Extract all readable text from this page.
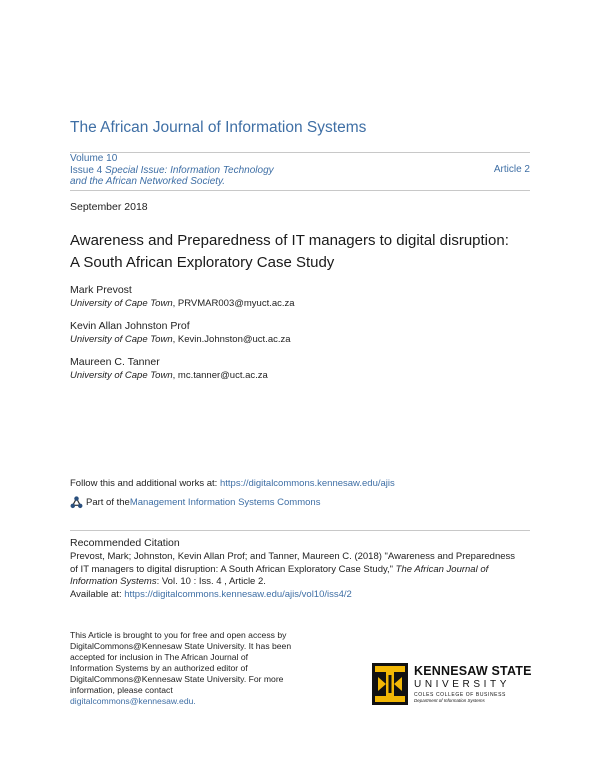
The African Journal of Information Systems
Volume 10
Issue 4 Special Issue: Information Technology
and the African Networked Society.
Article 2
September 2018
Awareness and Preparedness of IT managers to digital disruption:
A South African Exploratory Case Study
Mark Prevost
University of Cape Town, PRVMAR003@myuct.ac.za
Kevin Allan Johnston Prof
University of Cape Town, Kevin.Johnston@uct.ac.za
Maureen C. Tanner
University of Cape Town, mc.tanner@uct.ac.za
Follow this and additional works at: https://digitalcommons.kennesaw.edu/ajis
Part of the Management Information Systems Commons
Recommended Citation
Prevost, Mark; Johnston, Kevin Allan Prof; and Tanner, Maureen C. (2018) "Awareness and Preparedness
of IT managers to digital disruption: A South African Exploratory Case Study," The African Journal of
Information Systems: Vol. 10 : Iss. 4 , Article 2.
Available at: https://digitalcommons.kennesaw.edu/ajis/vol10/iss4/2
This Article is brought to you for free and open access by
DigitalCommons@Kennesaw State University. It has been
accepted for inclusion in The African Journal of
Information Systems by an authorized editor of
DigitalCommons@Kennesaw State University. For more
information, please contact
digitalcommons@kennesaw.edu.
KENNESAW STATE
UNIVERSITY
COLES COLLEGE OF BUSINESS
Department of Information Systems
